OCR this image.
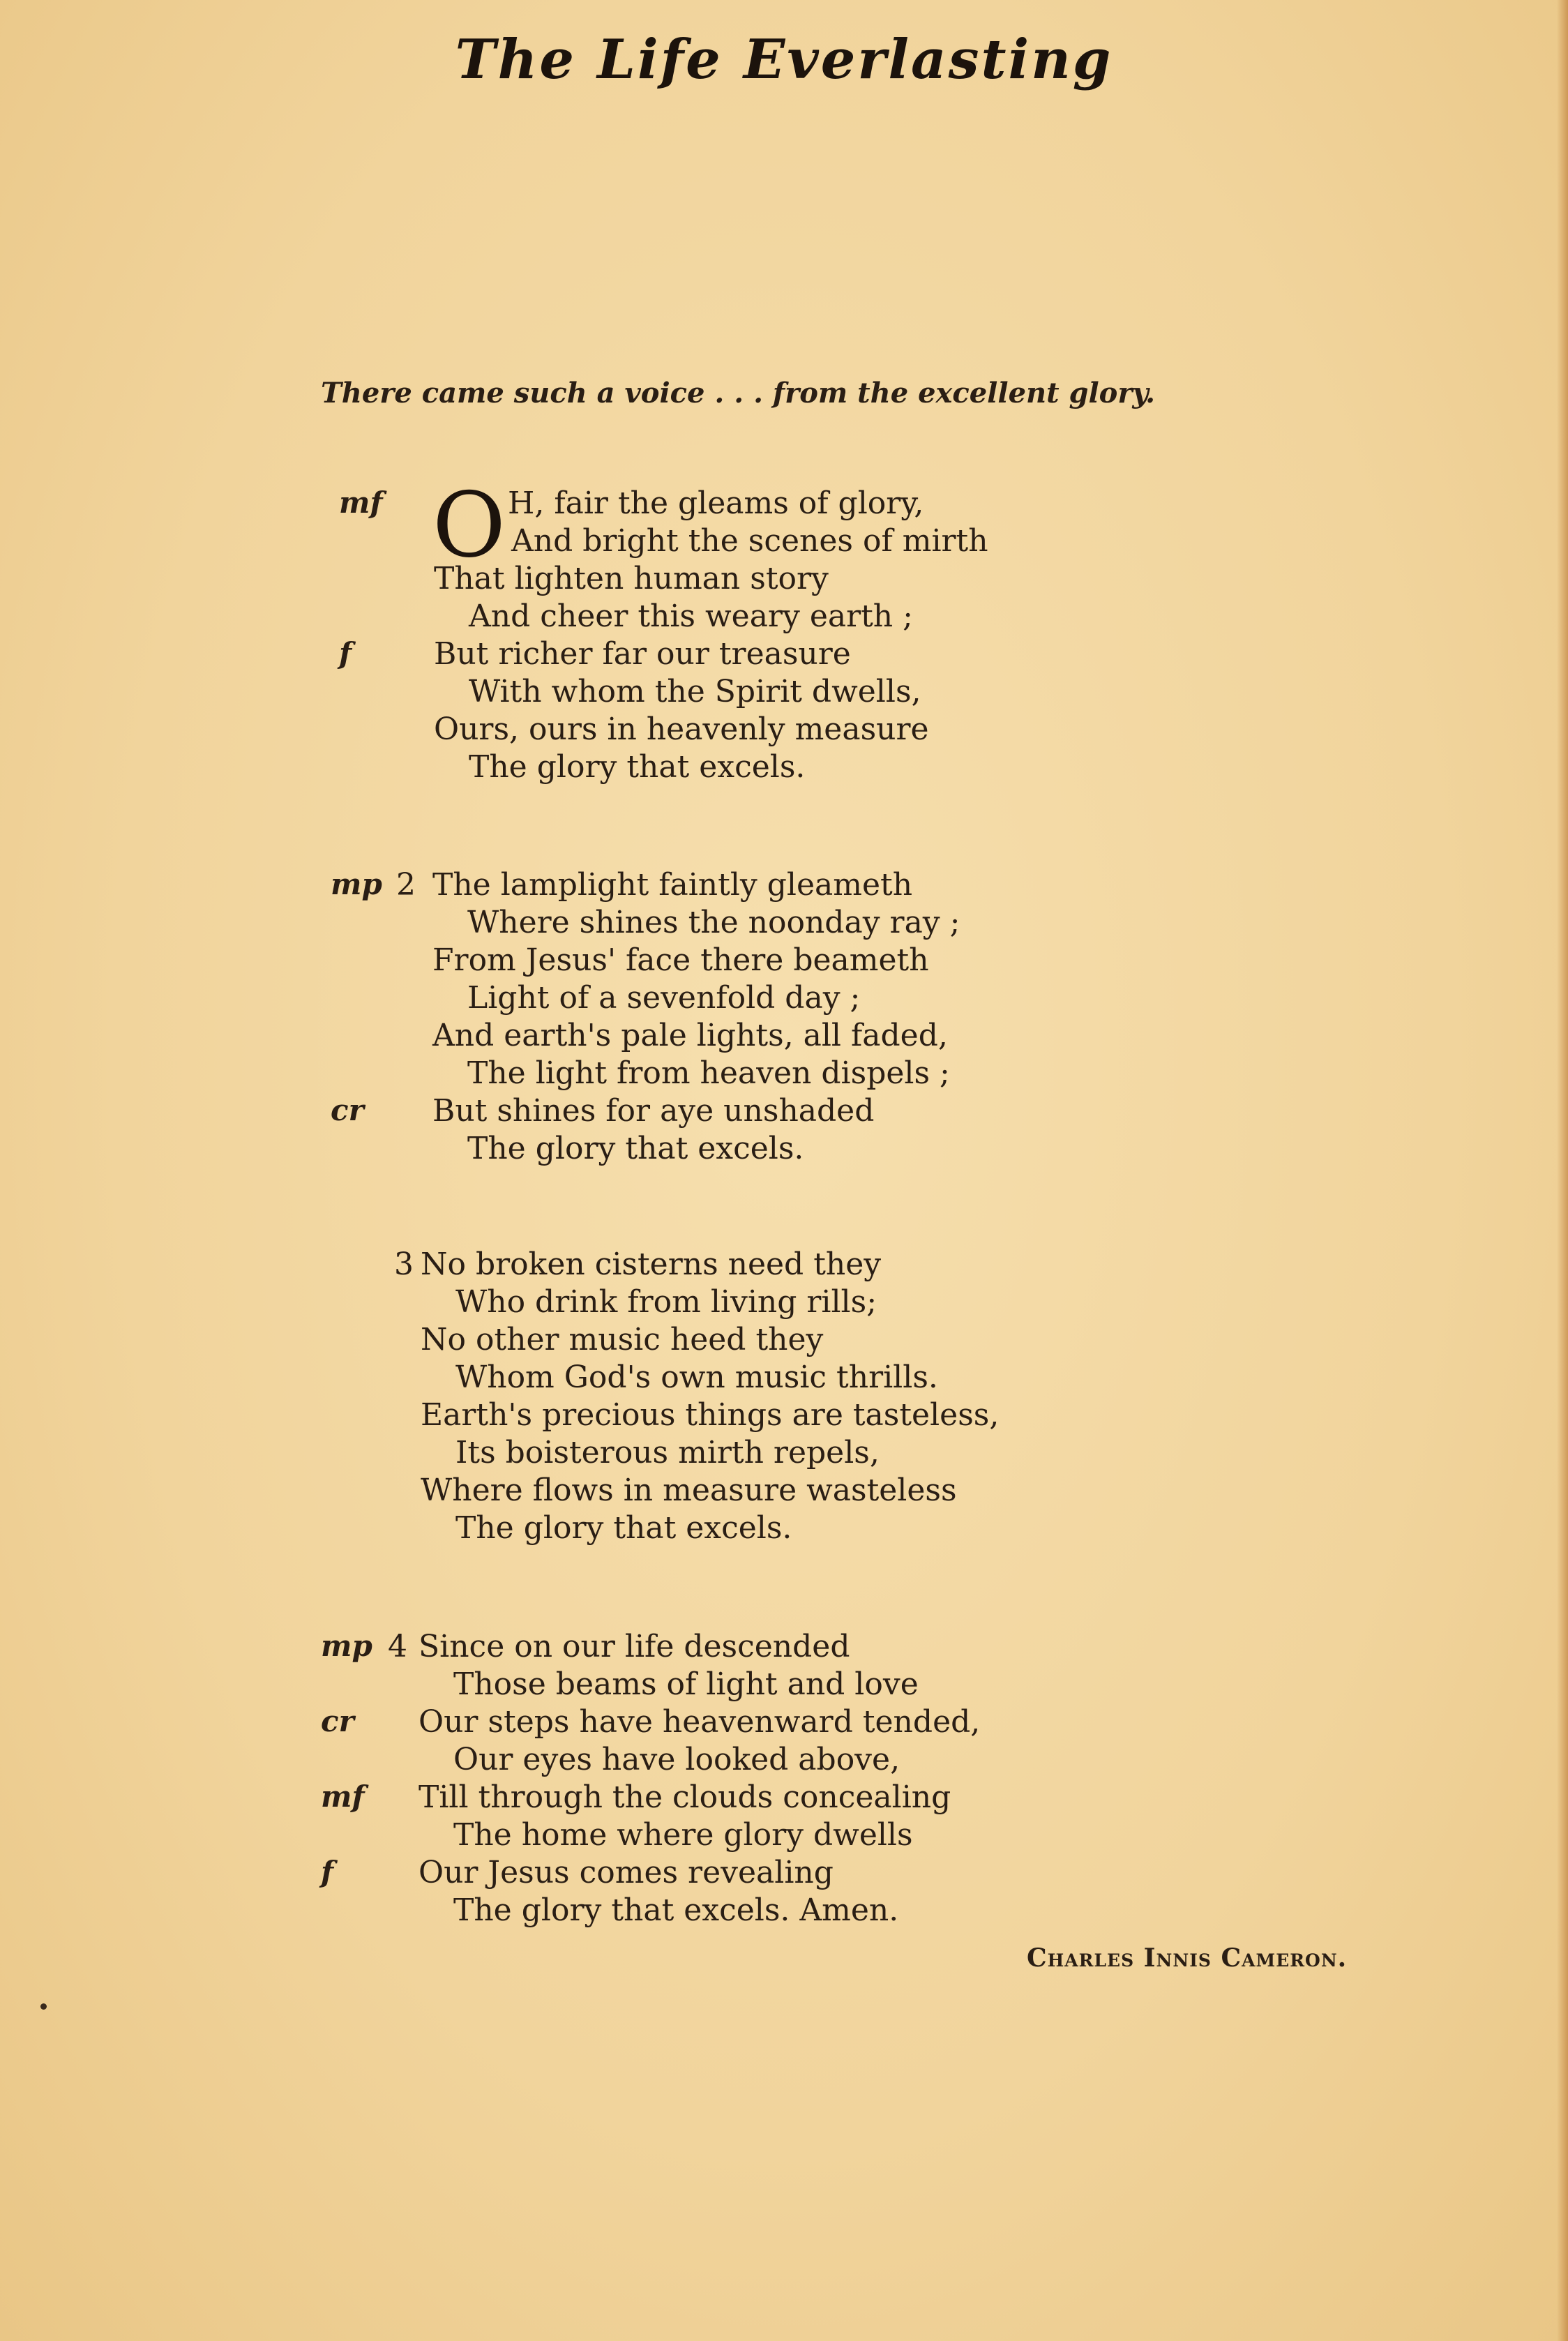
The Life Everlasting
There came such a voice . . . from the excellent glory.
O H, fair the gleams of glory,
And bright the scenes of mirth
That lighten human story
And cheer this weary earth ;
But richer far our treasure
With whom the Spirit dwells,
Ours, ours in heavenly measure
The glory that excels.
mf
f
2 The lamplight faintly gleameth
Where shines the noonday ray ;
From Jesus' face there beameth
Light of a sevenfold day ;
And earth's pale lights, all faded,
The light from heaven dispels ;
But shines for aye unshaded
The glory that excels.
mp
cr
3 No broken cisterns need they
Who drink from living rills;
No other music heed they
Whom God's own music thrills.
Earth's precious things are tasteless,
Its boisterous mirth repels,
Where flows in measure wasteless
The glory that excels.
4 Since on our life descended
Those beams of light and love
Our steps have heavenward tended,
Our eyes have looked above,
Till through the clouds concealing
The home where glory dwells
Our Jesus comes revealing
The glory that excels. Amen.
mp
cr
mf
f
Charles Innis Cameron.
